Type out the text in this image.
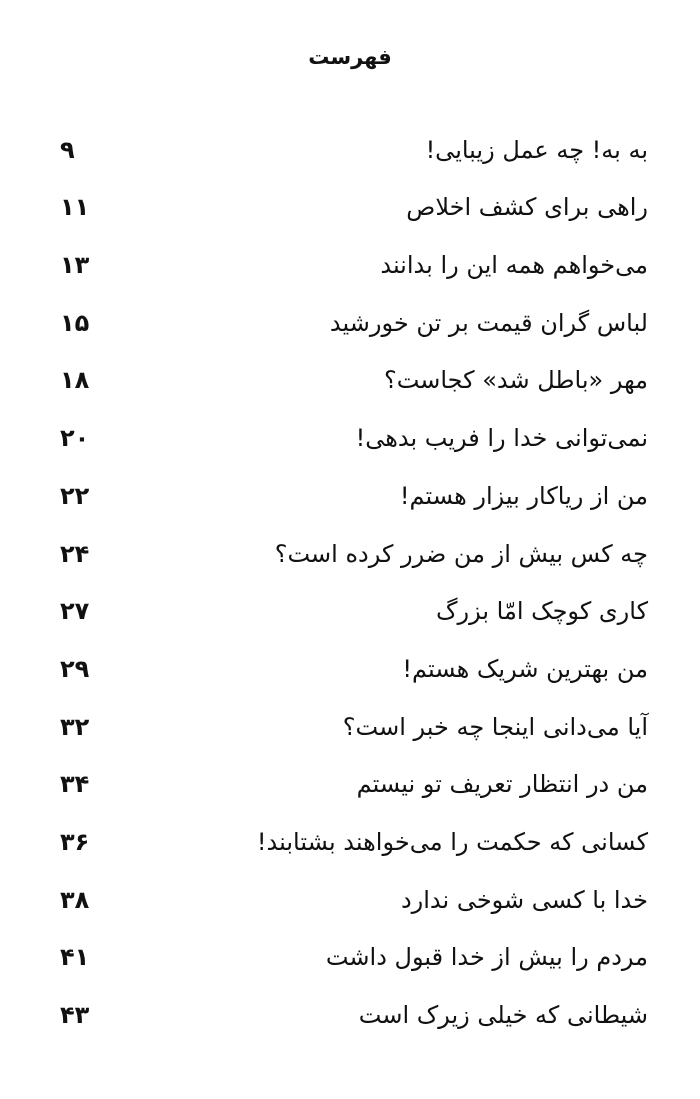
فهرست
به به! چه عمل زیبایی!
۹
راهی برای کشف اخلاص
۱۱
می‌خواهم همه این را بدانند
۱۳
لباس گران قیمت بر تن خورشید
۱۵
مهر «باطل شد» کجاست؟
۱۸
نمی‌توانی خدا را فریب بدهی!
۲۰
من از ریاکار بیزار هستم!
۲۲
چه کس بیش از من ضرر کرده است؟
۲۴
کاری کوچک امّا بزرگ
۲۷
من بهترین شریک هستم!
۲۹
آیا می‌دانی اینجا چه خبر است؟
۳۲
من در انتظار تعریف تو نیستم
۳۴
کسانی که حکمت را می‌خواهند بشتابند!
۳۶
خدا با کسی شوخی ندارد
۳۸
مردم را بیش از خدا قبول داشت
۴۱
شیطانی که خیلی زیرک است
۴۳
